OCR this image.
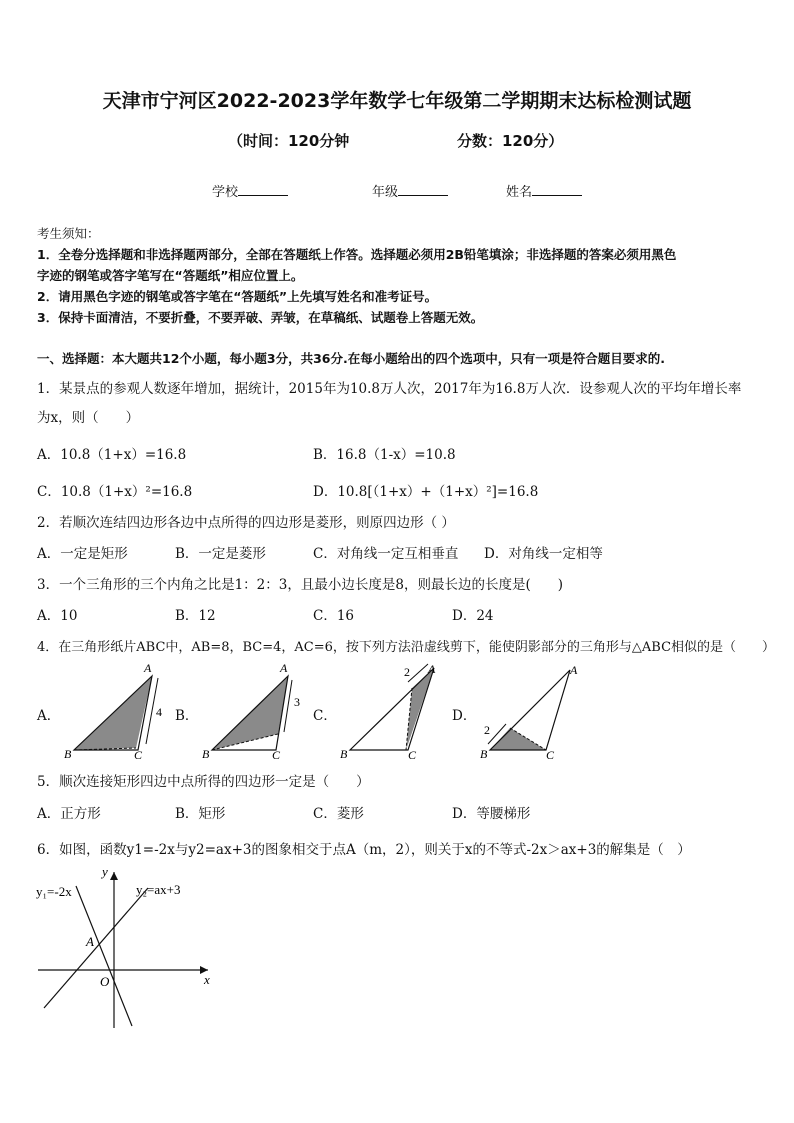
天津市宁河区2022-2023学年数学七年级第二学期期末达标检测试题
（时间：120分钟	分数：120分）
学校	年级	姓名
考生须知：
1．全卷分选择题和非选择题两部分，全部在答题纸上作答。选择题必须用2B铅笔填涂；非选择题的答案必须用黑色
字迹的钢笔或答字笔写在“答题纸”相应位置上。
2．请用黑色字迹的钢笔或答字笔在“答题纸”上先填写姓名和准考证号。
3．保持卡面清洁，不要折叠，不要弄破、弄皱，在草稿纸、试题卷上答题无效。
一、选择题：本大题共12个小题，每小题3分，共36分.在每小题给出的四个选项中，只有一项是符合题目要求的.
1．某景点的参观人数逐年增加，据统计，2015年为10.8万人次，2017年为16.8万人次．设参观人次的平均年增长率
为x，则（　　）
A．10.8（1+x）=16.8	B．16.8（1-x）=10.8
C．10.8（1+x）²=16.8	D．10.8[（1+x）+（1+x）²]=16.8
2．若顺次连结四边形各边中点所得的四边形是菱形，则原四边形（ ）
A．一定是矩形	B．一定是菱形	C．对角线一定互相垂直 D．对角线一定相等
3．一个三角形的三个内角之比是1：2：3，且最小边长度是8，则最长边的长度是(　　)
A．10	B．12	C．16	D．24
4．在三角形纸片ABC中，AB=8，BC=4，AC=6，按下列方法沿虚线剪下，能使阴影部分的三角形与△ABC相似的是（　　）
A．	B．	C．	D．
A
B	C
4
A
B	C
3
A
B	C
2	A
B	C
2
5．顺次连接矩形四边中点所得的四边形一定是（　　）
A．正方形	B．矩形	C．菱形	D．等腰梯形
6．如图，函数y1=-2x与y2=ax+3的图象相交于点A（m，2），则关于x的不等式-2x＞ax+3的解集是（　）
y₁=-2x	y₂=ax+3
y
x
A
O
